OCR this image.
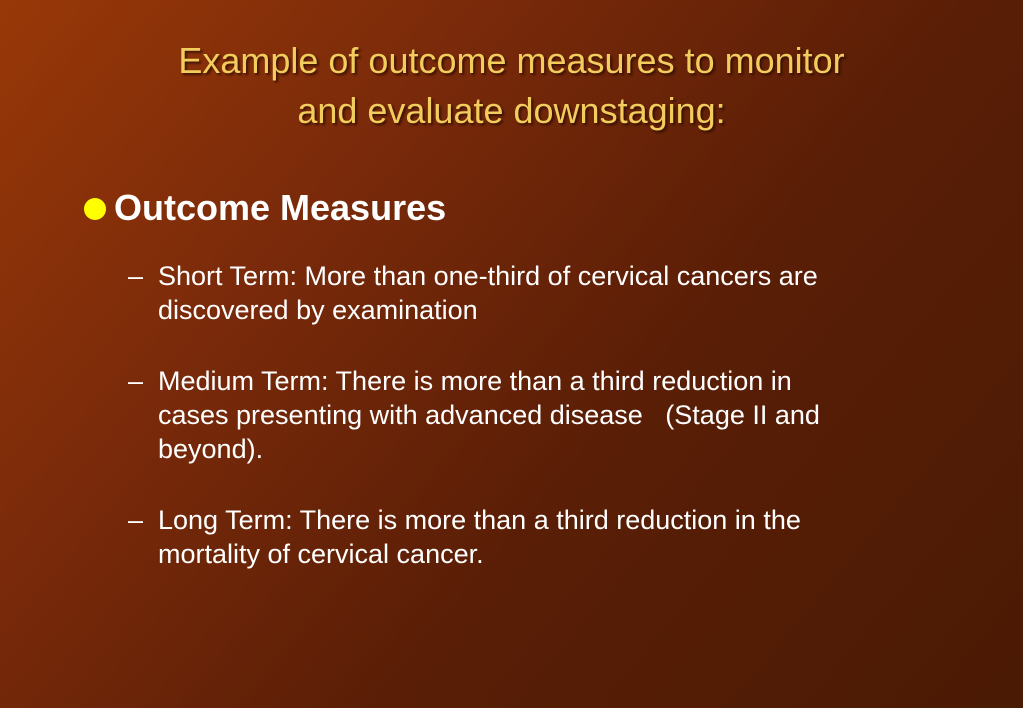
Example of outcome measures to monitor
and evaluate downstaging:
Outcome Measures
– Short Term: More than one-third of cervical cancers are
discovered by examination
– Medium Term: There is more than a third reduction in
cases presenting with advanced disease   (Stage II and
beyond).
– Long Term: There is more than a third reduction in the
mortality of cervical cancer.
